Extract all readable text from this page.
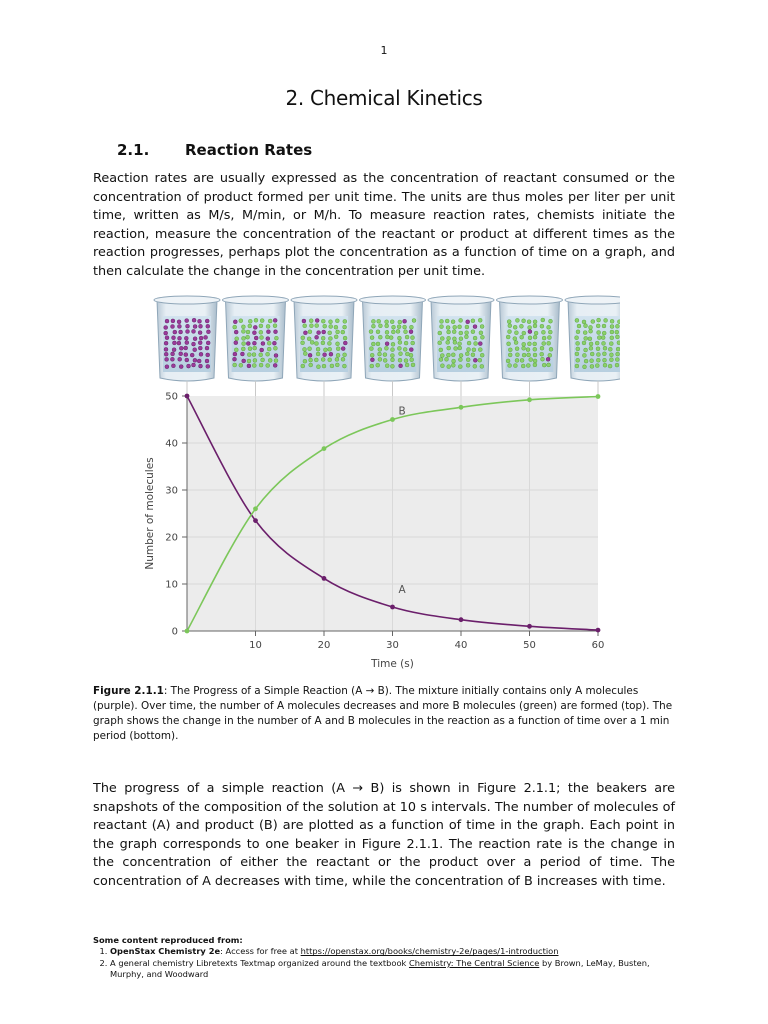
1
2. Chemical Kinetics
2.1. Reaction Rates

Reaction rates are usually expressed as the concentration of reactant consumed or the concentration of product formed per unit time. The units are thus moles per liter per unit time, written as M/s, M/min, or M/h. To measure reaction rates, chemists initiate the reaction, measure the concentration of the reactant or product at different times as the reaction progresses, perhaps plot the concentration as a function of time on a graph, and then calculate the change in the concentration per unit time.

0
10
20
30
40
50
10	20	30	40	50	60
Time (s)
Number of molecules
A
B

Figure 2.1.1: The Progress of a Simple Reaction (A → B). The mixture initially contains only A molecules (purple). Over time, the number of A molecules decreases and more B molecules (green) are formed (top). The graph shows the change in the number of A and B molecules in the reaction as a function of time over a 1 min period (bottom).

The progress of a simple reaction (A → B) is shown in Figure 2.1.1; the beakers are snapshots of the composition of the solution at 10 s intervals. The number of molecules of reactant (A) and product (B) are plotted as a function of time in the graph. Each point in the graph corresponds to one beaker in Figure 2.1.1. The reaction rate is the change in the concentration of either the reactant or the product over a period of time. The concentration of A decreases with time, while the concentration of B increases with time.

Some content reproduced from:
1. OpenStax Chemistry 2e: Access for free at https://openstax.org/books/chemistry-2e/pages/1-introduction
2. A general chemistry Libretexts Textmap organized around the textbook Chemistry: The Central Science by Brown, LeMay, Busten, Murphy, and Woodward
